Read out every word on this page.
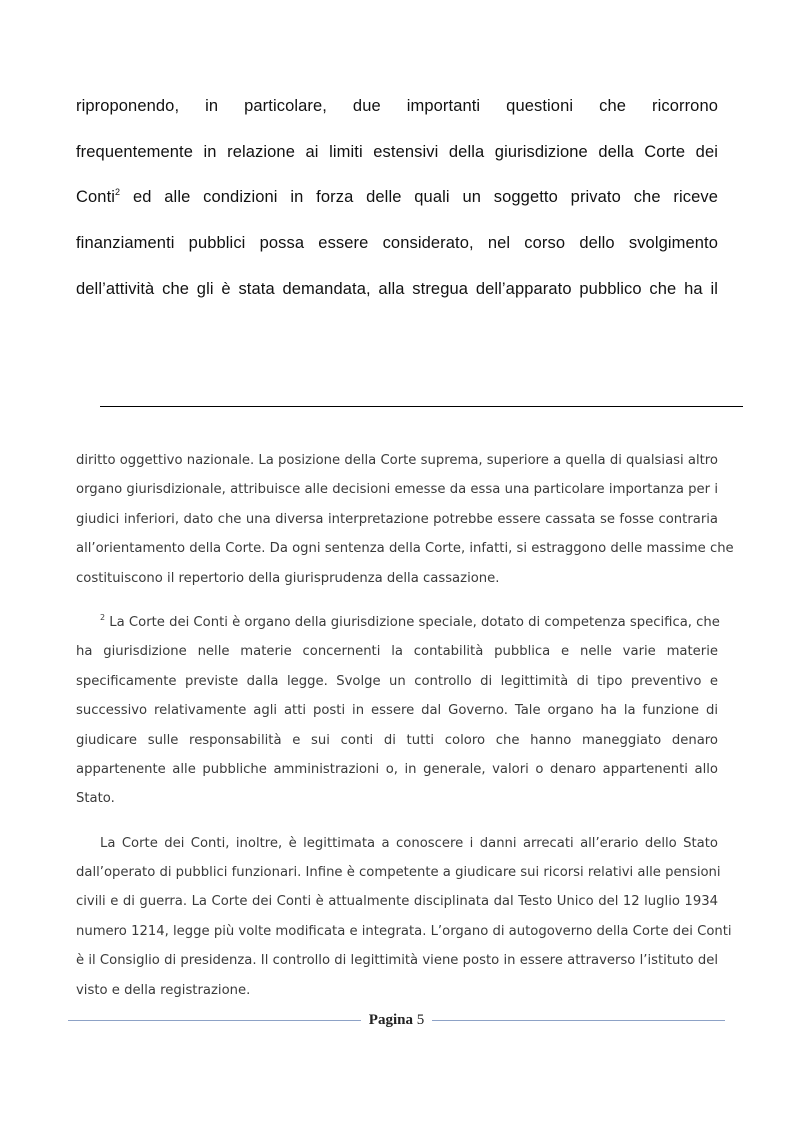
riproponendo, in particolare, due importanti questioni che ricorrono
frequentemente in relazione ai limiti estensivi della giurisdizione della Corte dei
Conti$^2$ ed alle condizioni in forza delle quali un soggetto privato che riceve
finanziamenti pubblici possa essere considerato, nel corso dello svolgimento
dell’attività che gli è stata demandata, alla stregua dell’apparato pubblico che ha il

diritto oggettivo nazionale. La posizione della Corte suprema, superiore a quella di qualsiasi altro
organo giurisdizionale, attribuisce alle decisioni emesse da essa una particolare importanza per i
giudici inferiori, dato che una diversa interpretazione potrebbe essere cassata se fosse contraria
all’orientamento della Corte. Da ogni sentenza della Corte, infatti, si estraggono delle massime che
costituiscono il repertorio della giurisprudenza della cassazione.

$^2$ La Corte dei Conti è organo della giurisdizione speciale, dotato di competenza specifica, che
ha giurisdizione nelle materie concernenti la contabilità pubblica e nelle varie materie
specificamente previste dalla legge. Svolge un controllo di legittimità di tipo preventivo e
successivo relativamente agli atti posti in essere dal Governo. Tale organo ha la funzione di
giudicare sulle responsabilità e sui conti di tutti coloro che hanno maneggiato denaro
appartenente alle pubbliche amministrazioni o, in generale, valori o denaro appartenenti allo
Stato.

La Corte dei Conti, inoltre, è legittimata a conoscere i danni arrecati all’erario dello Stato
dall’operato di pubblici funzionari. Infine è competente a giudicare sui ricorsi relativi alle pensioni
civili e di guerra. La Corte dei Conti è attualmente disciplinata dal Testo Unico del 12 luglio 1934
numero 1214, legge più volte modificata e integrata. L’organo di autogoverno della Corte dei Conti
è il Consiglio di presidenza. Il controllo di legittimità viene posto in essere attraverso l’istituto del
visto e della registrazione.

Pagina 5
